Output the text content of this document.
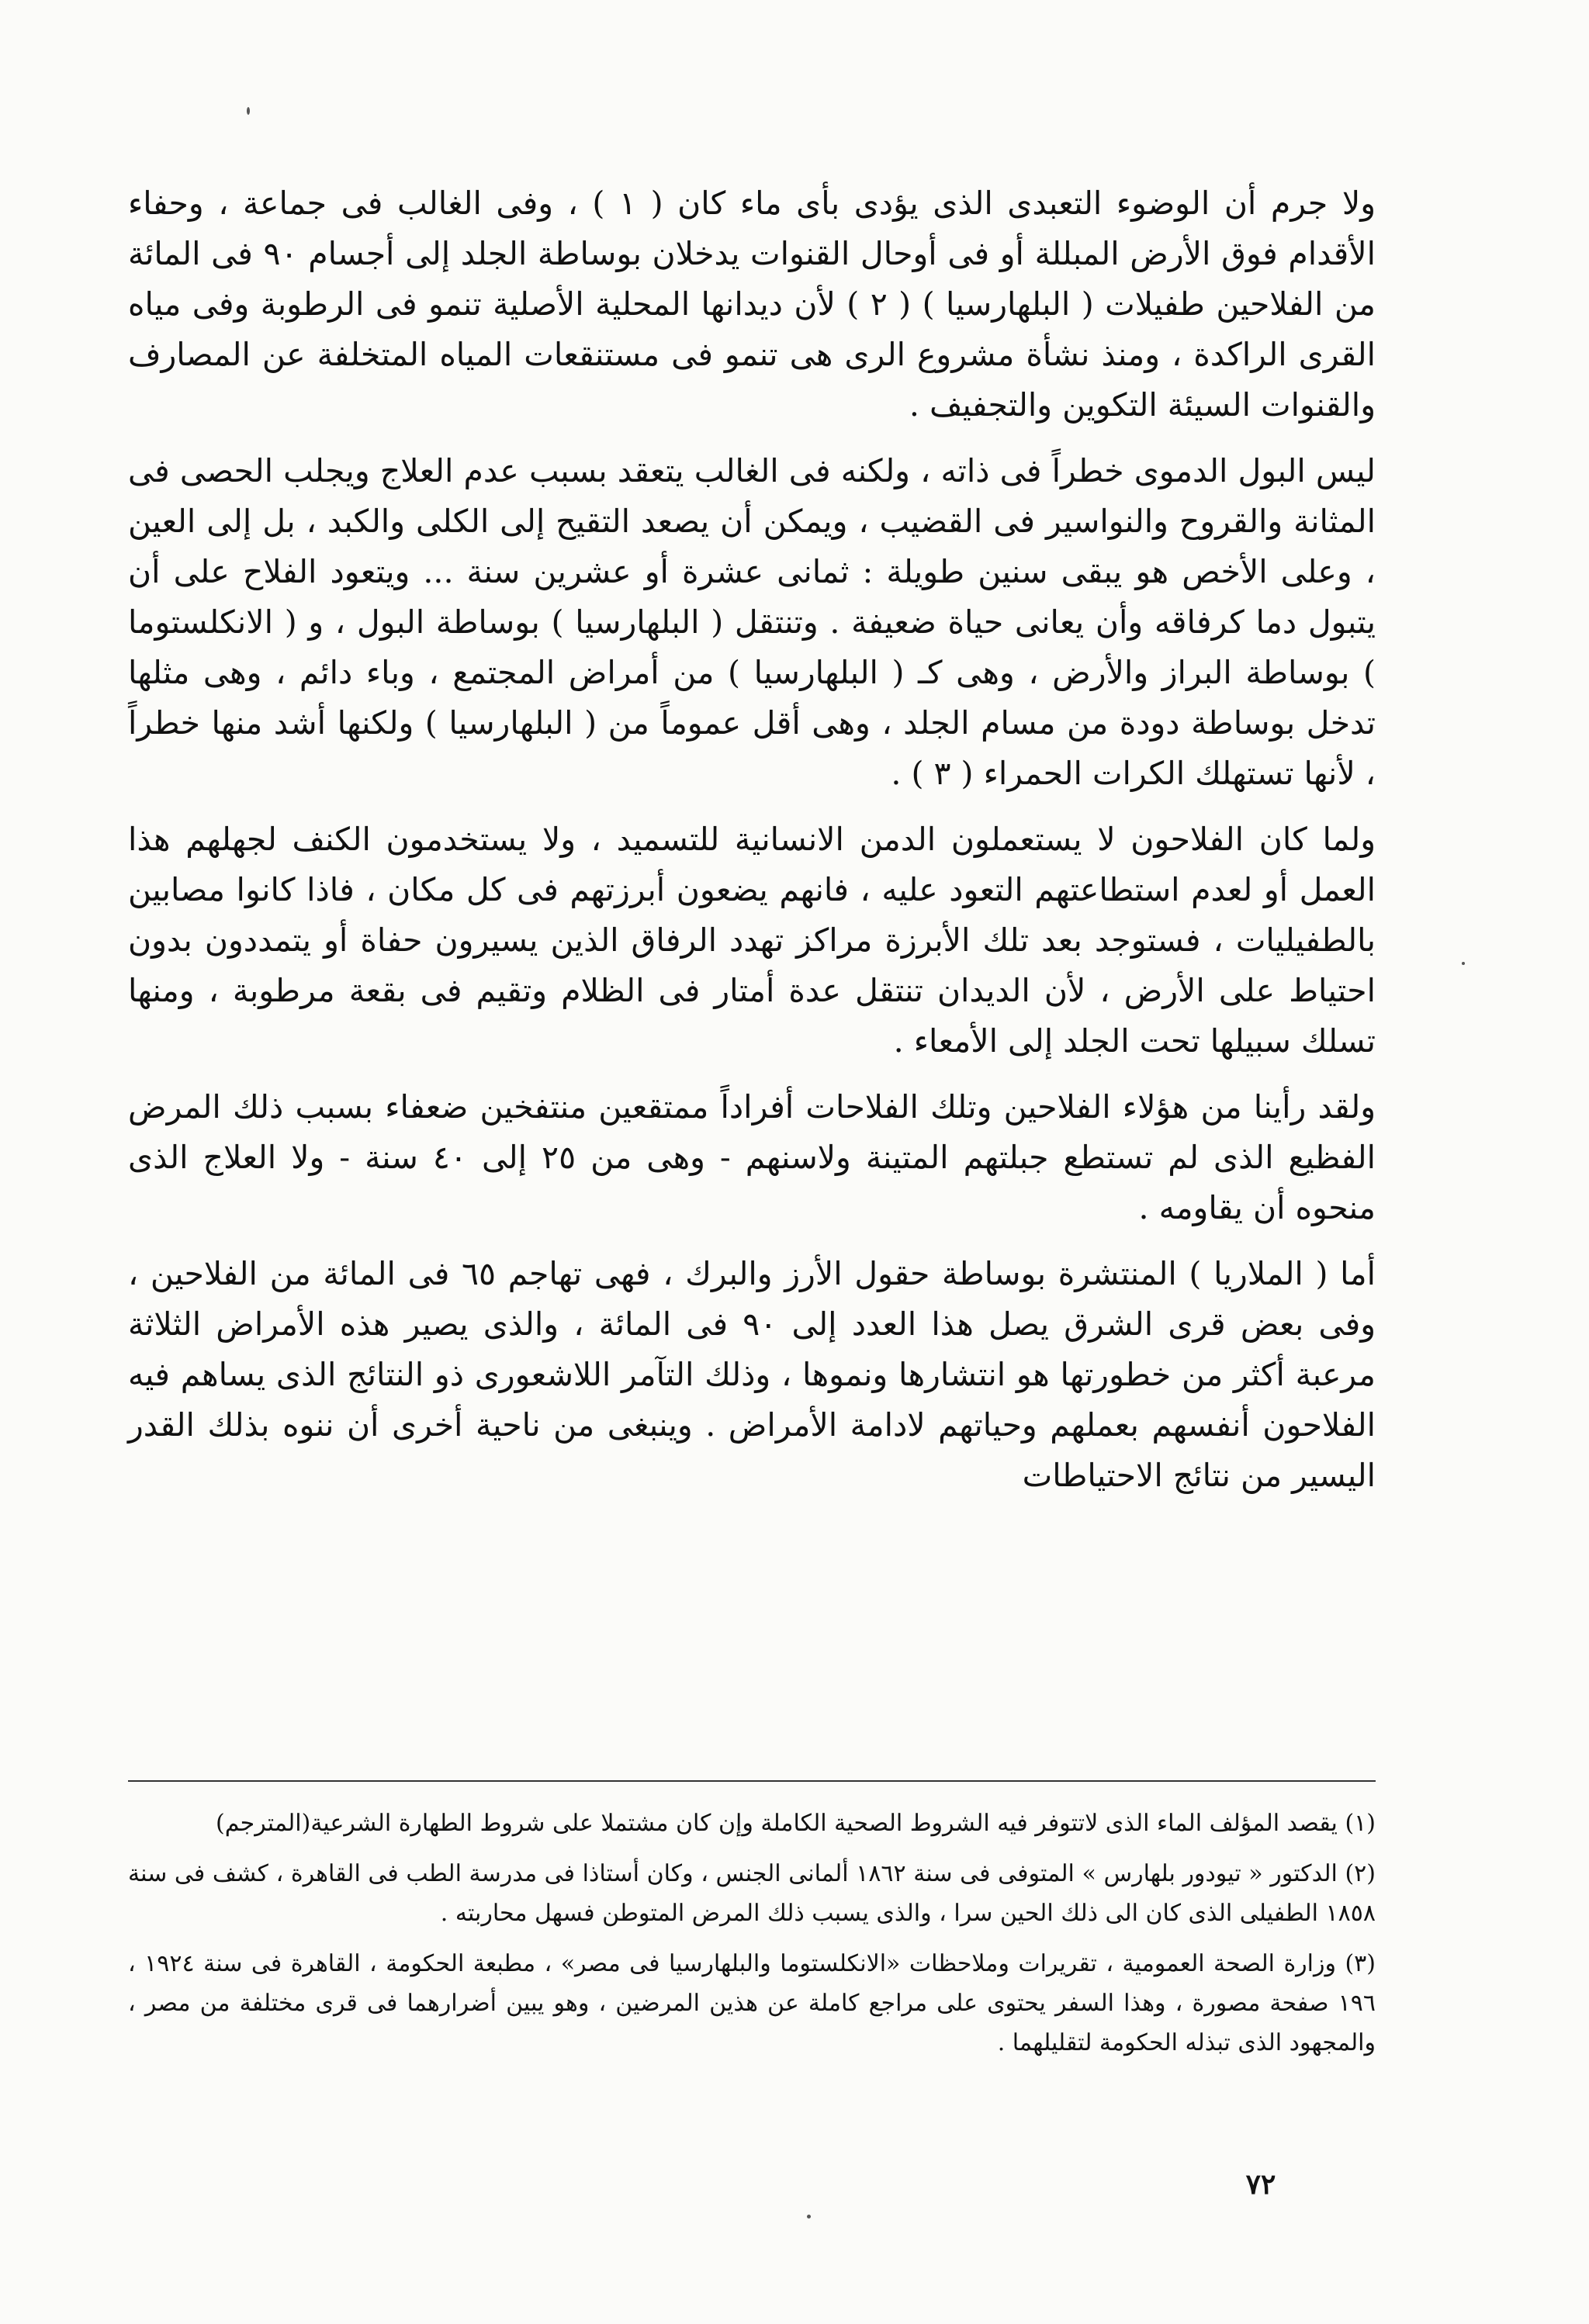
ولا جرم أن الوضوء التعبدى الذى يؤدى بأى ماء كان ( ١ ) ، وفى الغالب فى جماعة ، وحفاء الأقدام فوق الأرض المبللة أو فى أوحال القنوات يدخلان بوساطة الجلد إلى أجسام ٩٠ فى المائة من الفلاحين طفيلات ( البلهارسيا ) ( ٢ ) لأن ديدانها المحلية الأصلية تنمو فى الرطوبة وفى مياه القرى الراكدة ، ومنذ نشأة مشروع الرى هى تنمو فى مستنقعات المياه المتخلفة عن المصارف والقنوات السيئة التكوين والتجفيف .

ليس البول الدموى خطراً فى ذاته ، ولكنه فى الغالب يتعقد بسبب عدم العلاج ويجلب الحصى فى المثانة والقروح والنواسير فى القضيب ، ويمكن أن يصعد التقيح إلى الكلى والكبد ، بل إلى العين ، وعلى الأخص هو يبقى سنين طويلة : ثمانى عشرة أو عشرين سنة ... ويتعود الفلاح على أن يتبول دما كرفاقه وأن يعانى حياة ضعيفة . وتنتقل ( البلهارسيا ) بوساطة البول ، و ( الانكلستوما ) بوساطة البراز والأرض ، وهى كـ ( البلهارسيا ) من أمراض المجتمع ، وباء دائم ، وهى مثلها تدخل بوساطة دودة من مسام الجلد ، وهى أقل عموماً من ( البلهارسيا ) ولكنها أشد منها خطراً ، لأنها تستهلك الكرات الحمراء ( ٣ ) .

ولما كان الفلاحون لا يستعملون الدمن الانسانية للتسميد ، ولا يستخدمون الكنف لجهلهم هذا العمل أو لعدم استطاعتهم التعود عليه ، فانهم يضعون أبرزتهم فى كل مكان ، فاذا كانوا مصابين بالطفيليات ، فستوجد بعد تلك الأبرزة مراكز تهدد الرفاق الذين يسيرون حفاة أو يتمددون بدون احتياط على الأرض ، لأن الديدان تنتقل عدة أمتار فى الظلام وتقيم فى بقعة مرطوبة ، ومنها تسلك سبيلها تحت الجلد إلى الأمعاء .

ولقد رأينا من هؤلاء الفلاحين وتلك الفلاحات أفراداً ممتقعين منتفخين ضعفاء بسبب ذلك المرض الفظيع الذى لم تستطع جبلتهم المتينة ولاسنهم - وهى من ٢٥ إلى ٤٠ سنة - ولا العلاج الذى منحوه أن يقاومه .

أما ( الملاريا ) المنتشرة بوساطة حقول الأرز والبرك ، فهى تهاجم ٦٥ فى المائة من الفلاحين ، وفى بعض قرى الشرق يصل هذا العدد إلى ٩٠ فى المائة ، والذى يصير هذه الأمراض الثلاثة مرعبة أكثر من خطورتها هو انتشارها ونموها ، وذلك التآمر اللاشعورى ذو النتائج الذى يساهم فيه الفلاحون أنفسهم بعملهم وحياتهم لادامة الأمراض . وينبغى من ناحية أخرى أن ننوه بذلك القدر اليسير من نتائج الاحتياطات

(١) يقصد المؤلف الماء الذى لاتتوفر فيه الشروط الصحية الكاملة وإن كان مشتملا على شروط الطهارة الشرعية(المترجم)

(٢) الدكتور « تيودور بلهارس » المتوفى فى سنة ١٨٦٢ ألمانى الجنس ، وكان أستاذا فى مدرسة الطب فى القاهرة ، كشف فى سنة ١٨٥٨ الطفيلى الذى كان الى ذلك الحين سرا ، والذى يسبب ذلك المرض المتوطن فسهل محاربته .

(٣) وزارة الصحة العمومية ، تقريرات وملاحظات «الانكلستوما والبلهارسيا فى مصر» ، مطبعة الحكومة ، القاهرة فى سنة ١٩٢٤ ، ١٩٦ صفحة مصورة ، وهذا السفر يحتوى على مراجع كاملة عن هذين المرضين ، وهو يبين أضرارهما فى قرى مختلفة من مصر ، والمجهود الذى تبذله الحكومة لتقليلهما .

٧٢
